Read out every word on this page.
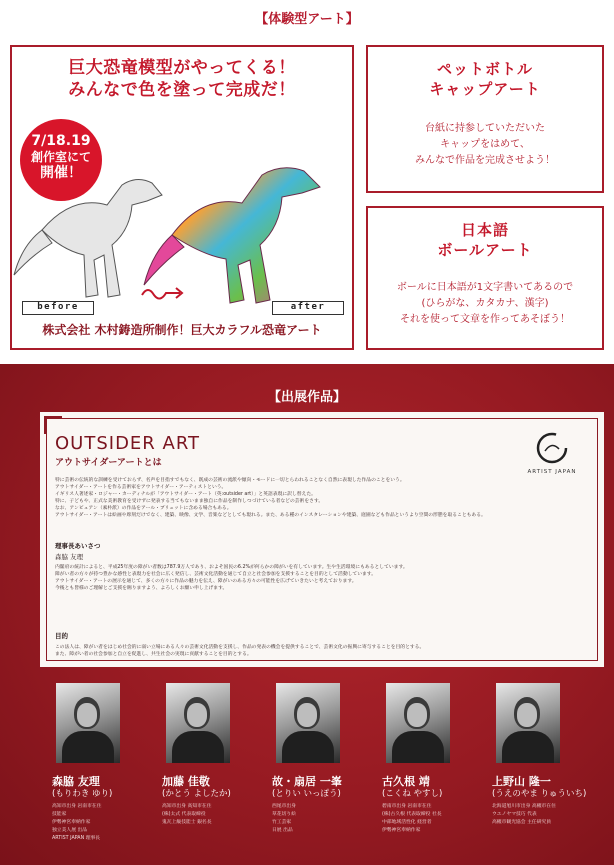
【体験型アート】
巨大恐竜模型がやってくる！
みんなで色を塗って完成だ！
7/18.19
創作室にて
開催！
before	after
株式会社 木村鋳造所制作！巨大カラフル恐竜アート
ペットボトル
キャップアート
台紙に持参していただいた
キャップをはめて、
みんなで作品を完成させよう！
日本語
ボールアート
ボールに日本語が1文字書いてあるので
(ひらがな、カタカナ、漢字)
それを使って文章を作ってあそぼう！
【出展作品】
OUTSIDER ART
アウトサイダーアートとは
ARTIST JAPAN
特に芸術の伝統的な訓練を受けておらず、名声を目指すでもなく、既成の芸術の流派や傾向・モードに一切とらわれることなく自然に表現した作品のことをいう。
アウトサイダー・アートを作る芸術家をアウトサイダー・アーティストという。
イギリス人著述家・ロジャー・カーディナルが「アウトサイダー・アート（英:outsider art）」と英語表現に訳し替えた。
特に、子どもや、正式な美術教育を受けずに発表する当てもないまま独自に作品を制作しつづけている者などの芸術をさす。
なお、アンビュアン（素朴派）の作品をアール・ブリュットに含める場合もある。
アウトサイダー・アートは絵画や彫刻だけでなく、建築、映像、文学、音楽などとしても現れる。また、ある種のインスタレーションや建築、庭園なども作品というより空間の形態を取ることもある。
理事長あいさつ
森脇 友理
内閣府の統計によると、平成25年度の障がい者数は787.9万人であり、およそ国民の6.2%が何らかの障がいを有しています。生や生活環境にもあるとしています。
障がい者の方々が持つ豊かな感性と表現力を社会に広く発信し、芸術文化活動を通じて自立と社会参加を支援することを目的として活動しています。
アウトサイダー・アートの展示を通じて、多くの方々に作品の魅力を伝え、障がいのある方々の可能性を広げていきたいと考えております。
今後とも皆様のご理解とご支援を賜りますよう、よろしくお願い申し上げます。
目的
この法人は、障がい者をはじめ社会的に弱い立場にある人々の芸術文化活動を支援し、作品の発表の機会を提供することで、芸術文化の振興に寄与することを目的とする。
また、障がい者の社会参加と自立を促進し、共生社会の実現に貢献することを目的とする。
森脇 友理
(もりわき ゆり)
高知市出身 岩南市在住
技能家
伊勢神宮奉納作家
独立美人展 出品
ARTIST JAPAN 理事長
加藤 佳敬
(かとう よしたか)
高知市出身 高知市在住
(株)太式 代表取締役
鬼瓦上級技能士 銀名長
故・扇居 一峯
(とりい いっぽう)
西尾市出身
草花切り絵
竹工芸家
日展 出品
古久根 靖
(こくね やすし)
碧南市出身 岩南市在住
(株)古久根 代表取締役 社長
中部地域活性化 経営者
伊勢神宮奉納作家
上野山 隆一
(うえのやま りゅういち)
北海道旭川市出身 高槻市在住
ウエノヤマ技巧 代表
高槻市観光協会 主任研究員
